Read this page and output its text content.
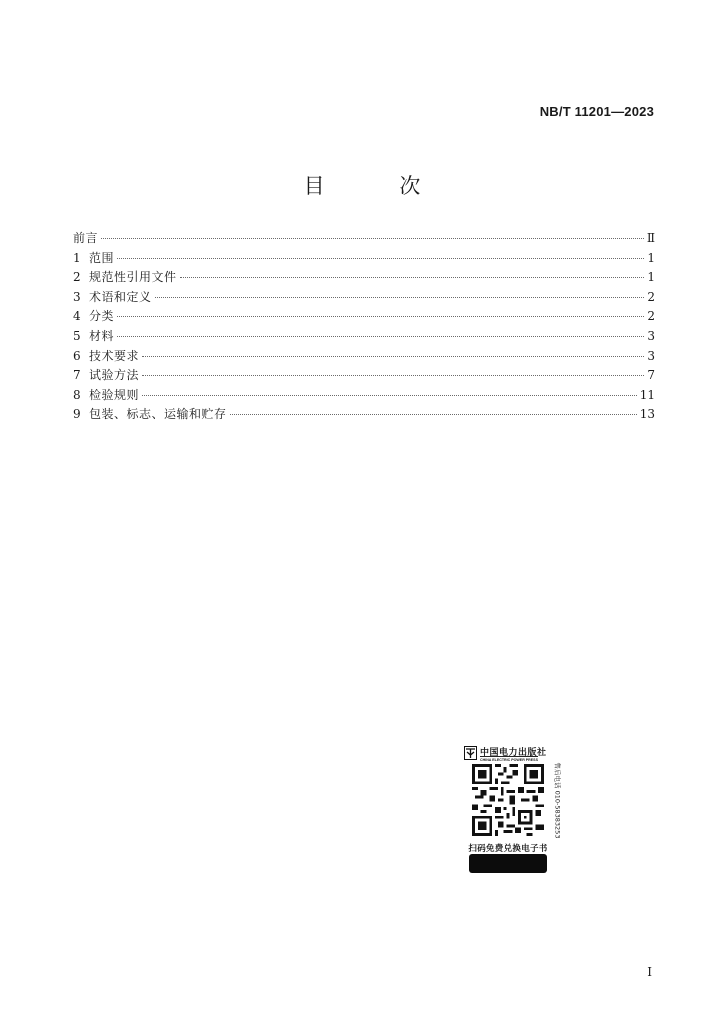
NB/T 11201—2023
目 次
前言	Ⅱ
1 范围	1
2 规范性引用文件	1
3 术语和定义	2
4 分类	2
5 材料	3
6 技术要求	3
7 试验方法	7
8 检验规则	11
9 包装、标志、运输和贮存	13
中国电力出版社
CHINA ELECTRIC POWER PRESS
售后电话 010-58383253
扫码免费兑换电子书
I
